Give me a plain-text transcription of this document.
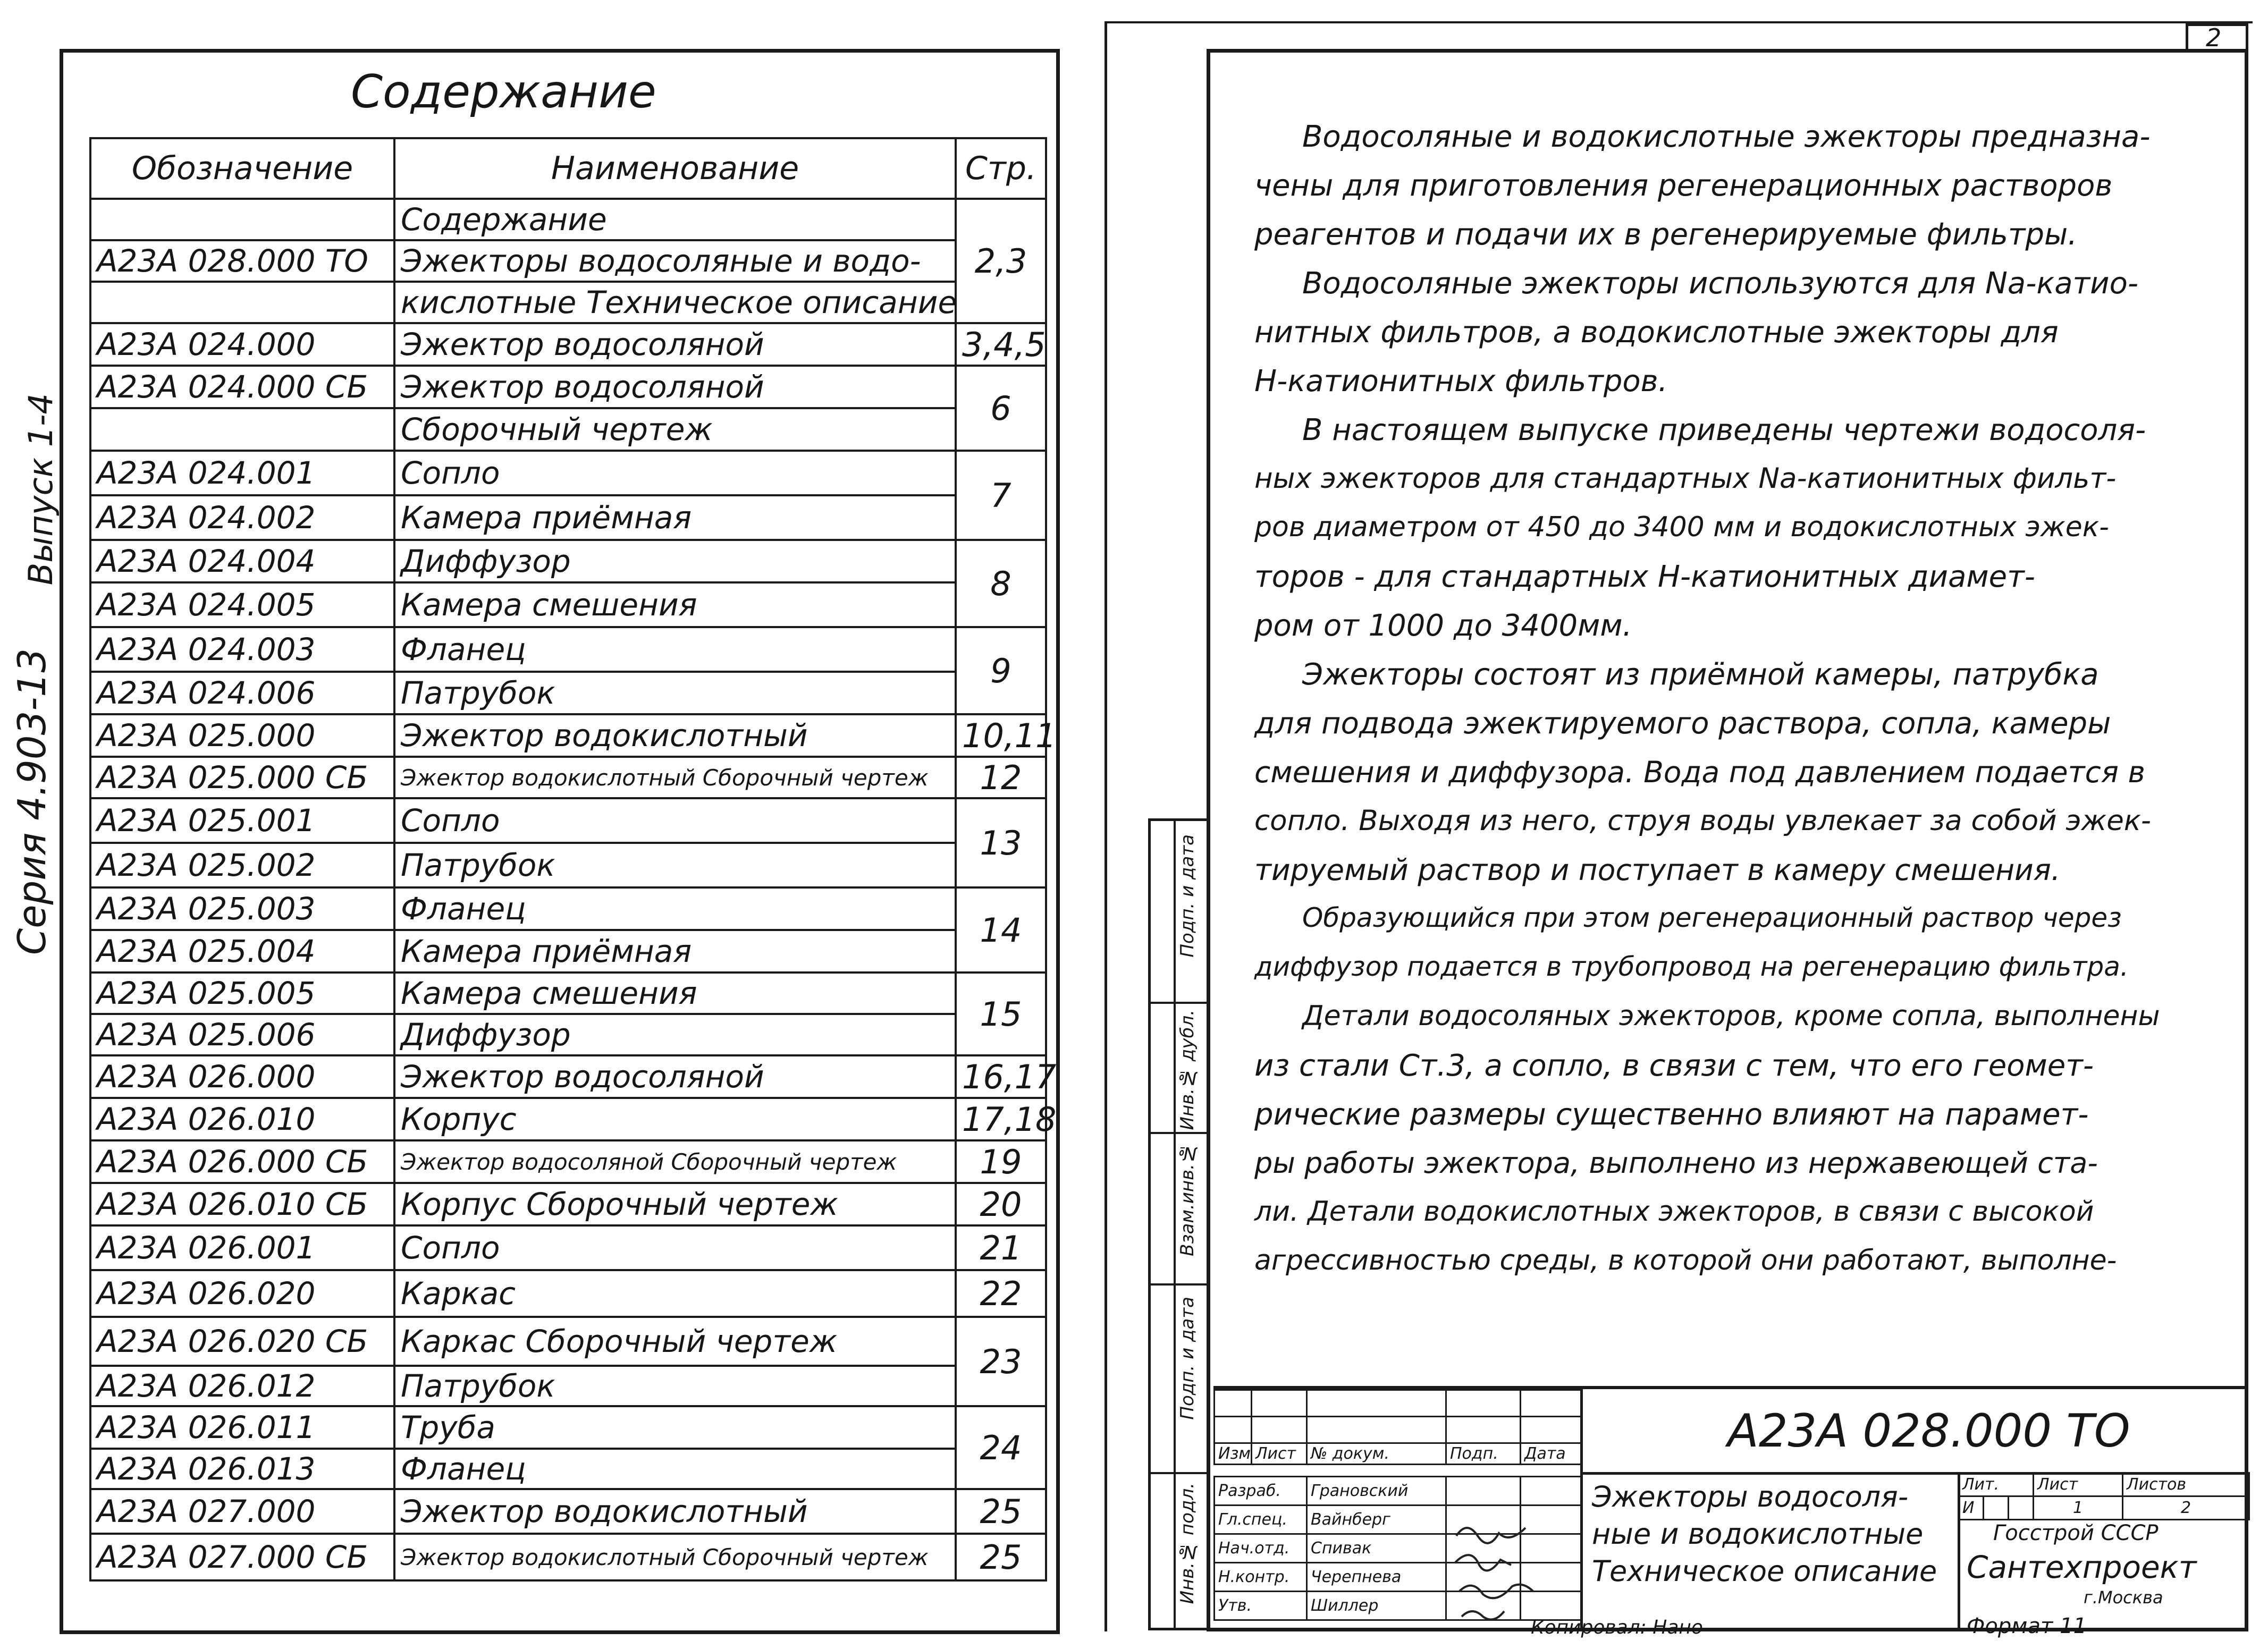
Содержание
Обозначение	Наименование	Стр.
	Содержание	2,3
А23А 028.000 ТО	Эжекторы водосоляные и водо-	
	кислотные Техническое описание	
А23А 024.000	Эжектор водосоляной	3,4,5
А23А 024.000 СБ	Эжектор водосоляной	6
	Сборочный чертеж	
А23А 024.001	Сопло	7
А23А 024.002	Камера приёмная	
А23А 024.004	Диффузор	8
А23А 024.005	Камера смешения	
А23А 024.003	Фланец	9
А23А 024.006	Патрубок	
А23А 025.000	Эжектор водокислотный	10,11
А23А 025.000 СБ	Эжектор водокислотный Сборочный чертеж	12
А23А 025.001	Сопло	13
А23А 025.002	Патрубок	
А23А 025.003	Фланец	14
А23А 025.004	Камера приёмная	
А23А 025.005	Камера смешения	15
А23А 025.006	Диффузор	
А23А 026.000	Эжектор водосоляной	16,17
А23А 026.010	Корпус	17,18
А23А 026.000 СБ	Эжектор водосоляной Сборочный чертеж	19
А23А 026.010 СБ	Корпус Сборочный чертеж	20
А23А 026.001	Сопло	21
А23А 026.020	Каркас	22
А23А 026.020 СБ	Каркас Сборочный чертеж	23
А23А 026.012	Патрубок	
А23А 026.011	Труба	24
А23А 026.013	Фланец	
А23А 027.000	Эжектор водокислотный	25
А23А 027.000 СБ	Эжектор водокислотный Сборочный чертеж	25
Серия 4.903-13
Выпуск 1-4
2
Водосоляные и водокислотные эжекторы предназна-
чены для приготовления регенерационных растворов
реагентов и подачи их в регенерируемые фильтры.
Водосоляные эжекторы используются для Na-катио-
нитных фильтров, а водокислотные эжекторы для
Н-катионитных фильтров.
В настоящем выпуске приведены чертежи водосоля-
ных эжекторов для стандартных Na-катионитных фильт-
ров диаметром от 450 до 3400 мм и водокислотных эжек-
торов - для стандартных Н-катионитных диамет-
ром от 1000 до 3400мм.
Эжекторы состоят из приёмной камеры, патрубка
для подвода эжектируемого раствора, сопла, камеры
смешения и диффузора. Вода под давлением подается в
сопло. Выходя из него, струя воды увлекает за собой эжек-
тируемый раствор и поступает в камеру смешения.
Образующийся при этом регенерационный раствор через
диффузор подается в трубопровод на регенерацию фильтра.
Детали водосоляных эжекторов, кроме сопла, выполнены
из стали Ст.3, а сопло, в связи с тем, что его геомет-
рические размеры существенно влияют на парамет-
ры работы эжектора, выполнено из нержавеющей ста-
ли. Детали водокислотных эжекторов, в связи с высокой
агрессивностью среды, в которой они работают, выполне-
Подп. и дата
Инв.№ дубл.
Взам.инв.№
Подп. и дата
Инв.№ подл.

Изм	Лист	№ докум.	Подп.	Дата
Разраб.	Грановский		
Гл.спец.	Вайнберг		
Нач.отд.	Спивак		
Н.контр.	Черепнева		
Утв.	Шиллер		
А23А 028.000 ТО
Эжекторы водосоля-
ные и водокислотные
Техническое описание
Лит.			Лист	Листов
И			1	2
Госстрой СССР
Сантехпроект
г.Москва
Копировал: Нано	Формат 11
